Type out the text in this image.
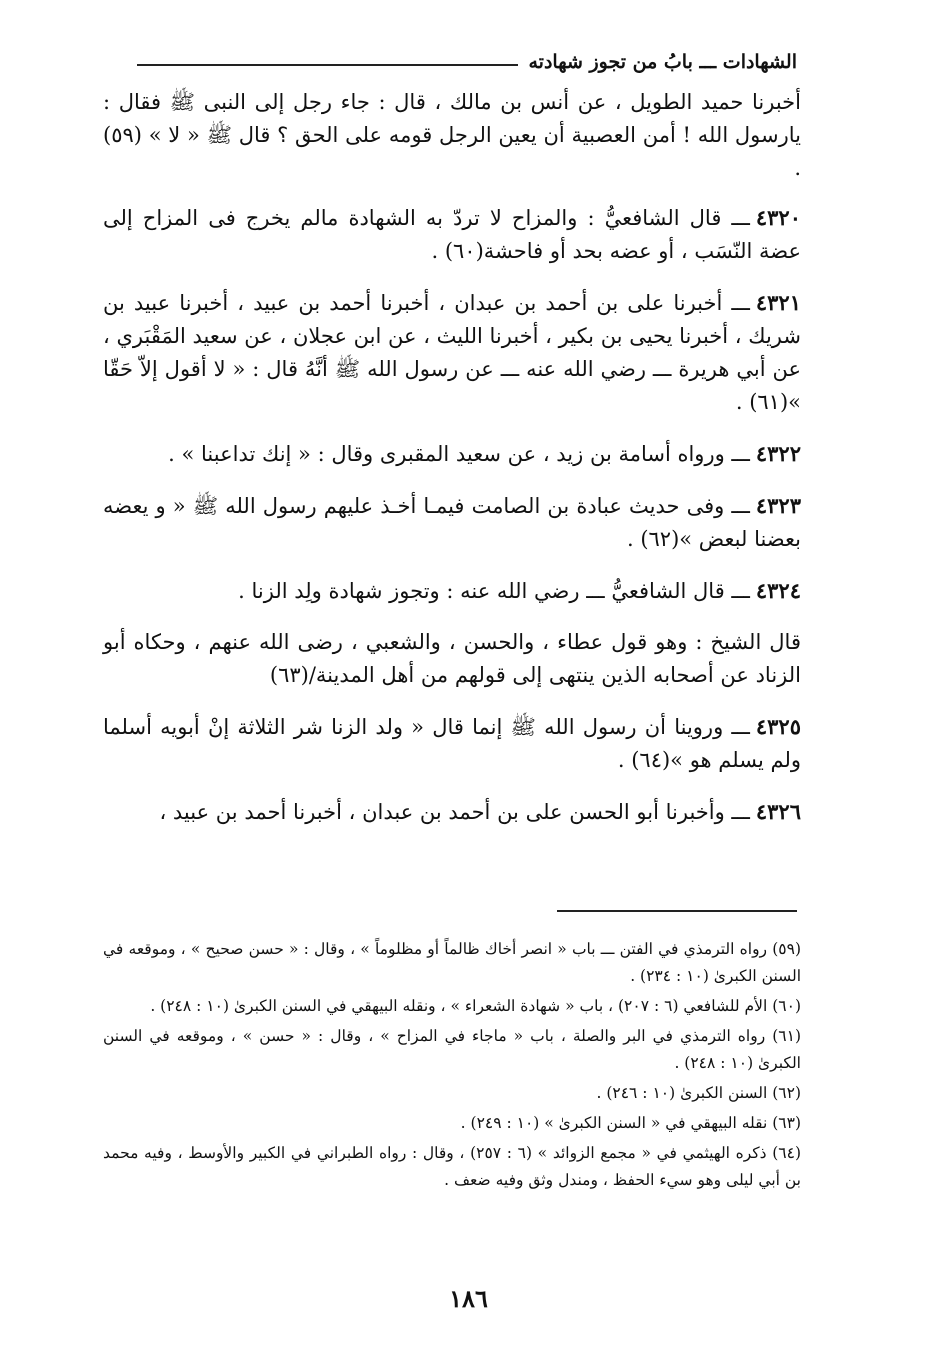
الشهادات ـــ بابُ من تجوز شهادته

أخبرنا حميد الطويل ، عن أنس بن مالك ، قال : جاء رجل إلى النبى ﷺ فقال : يارسول الله ! أمن العصبية أن يعين الرجل قومه على الحق ؟ قال ﷺ « لا » (٥٩) .

٤٣٢٠ـــ قال الشافعيُّ : والمزاح لا تردّ به الشهادة مالم يخرج فى المزاح إلى عضة النّسَب ، أو عضه بحد أو فاحشة(٦٠) .

٤٣٢١ـــ أخبرنا على بن أحمد بن عبدان ، أخبرنا أحمد بن عبيد ، أخبرنا عبيد بن شريك ، أخبرنا يحيى بن بكير ، أخبرنا الليث ، عن ابن عجلان ، عن سعيد المَقْبَري ، عن أبي هريرة ـــ رضي الله عنه ـــ عن رسول الله ﷺ أنَّهُ قال : « لا أقول إلاّ حَقّا »(٦١) .

٤٣٢٢ـــ ورواه أسامة بن زيد ، عن سعيد المقبرى وقال : « إنك تداعبنا » .

٤٣٢٣ـــ وفى حديث عبادة بن الصامت فيمـا أخـذ عليهم رسول الله ﷺ « و يعضه بعضنا لبعض »(٦٢) .

٤٣٢٤ـــ قال الشافعيُّ ـــ رضي الله عنه : وتجوز شهادة ولِد الزنا .

قال الشيخ : وهو قول عطاء ، والحسن ، والشعبي ، رضى الله عنهم ، وحكاه أبو الزناد عن أصحابه الذين ينتهى إلى قولهم من أهل المدينة/(٦٣)

٤٣٢٥ـــ وروينا أن رسول الله ﷺ إنما قال « ولد الزنا شر الثلاثة إنْ أبويه أسلما ولم يسلم هو »(٦٤) .

٤٣٢٦ـــ وأخبرنا أبو الحسن على بن أحمد بن عبدان ، أخبرنا أحمد بن عبيد ،

(٥٩) رواه الترمذي في الفتن ـــ باب « انصر أخاك ظالماً أو مظلوماً » ، وقال : « حسن صحيح » ، وموقعه في السنن الكبرىٰ (١٠ : ٢٣٤) .

(٦٠) الأم للشافعي (٦ : ٢٠٧) ، باب « شهادة الشعراء » ، ونقله البيهقي في السنن الكبرىٰ (١٠ : ٢٤٨) .

(٦١) رواه الترمذي في البر والصلة ، باب « ماجاء في المزاح » ، وقال : « حسن » ، وموقعه في السنن الكبرىٰ (١٠ : ٢٤٨) .

(٦٢) السنن الكبرىٰ (١٠ : ٢٤٦) .

(٦٣) نقله البيهقي في « السنن الكبرىٰ » (١٠ : ٢٤٩) .

(٦٤) ذكره الهيثمي في « مجمع الزوائد » (٦ : ٢٥٧) ، وقال : رواه الطبراني في الكبير والأوسط ، وفيه محمد بن أبي ليلى وهو سيء الحفظ ، ومندل وثق وفيه ضعف .

١٨٦
